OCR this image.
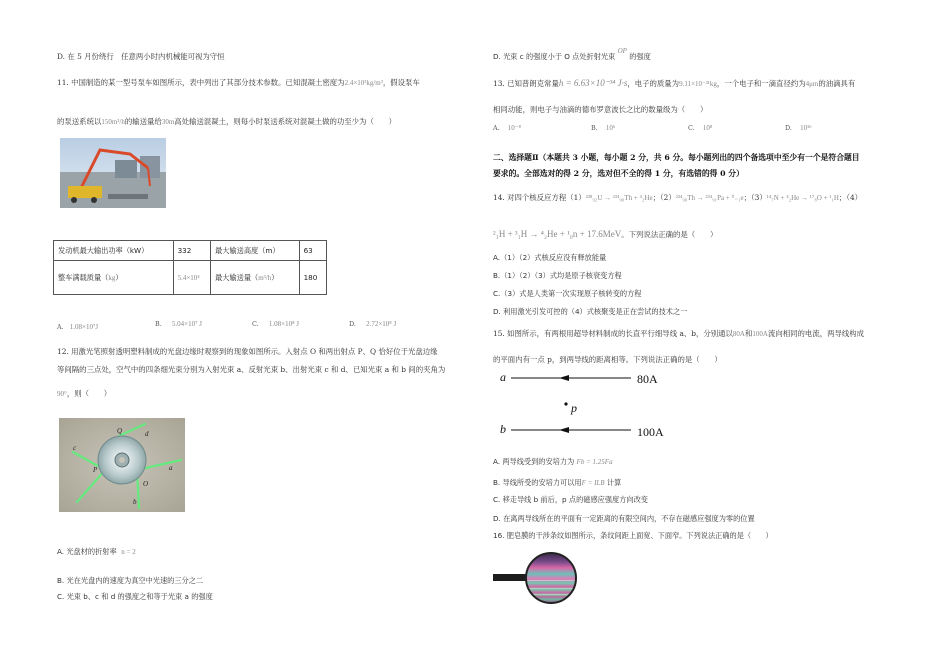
D. 在 5 月份绕行　任意两小时内机械能可视为守恒
11. 中国制造的某一型号泵车如图所示，表中列出了其部分技术参数。已知混凝土密度为2.4×10³kg/m³，假设泵车
的泵送系统以150m³/h的输送量给30m高处输送混凝土，则每小时泵送系统对混凝土做的功至少为（　　）
发动机最大输出功率（kW）	332	最大输送高度（m）	63
整车满载质量（kg）	5.4×10⁴	最大输送量（m³/h）	180
A. 1.08×10⁷J	B. 5.04×10⁷ J	C. 1.08×10⁸ J	D. 2.72×10⁸ J
12. 用激光笔照射透明塑料制成的光盘边缘时观察到的现象如图所示。入射点 O 和两出射点 P、Q 恰好位于光盘边缘
等间隔的三点处，空气中的四条细光束分别为入射光束 a、反射光束 b、出射光束 c 和 d、已知光束 a 和 b 间的夹角为
90°，则（　　）
Q	d
c
P	a
O
b
A. 光盘材的折射率 n = 2
B. 光在光盘内的速度为真空中光速的三分之二
C. 光束 b、c 和 d 的强度之和等于光束 a 的强度
D. 光束 c 的强度小于 O 点处折射光束 OP 的强度
13. 已知普朗克常量h = 6.63×10⁻³⁴ J·s，电子的质量为9.11×10⁻³¹kg，一个电子和一滴直径约为4μm的油滴具有
相同动能，则电子与油滴的德布罗意波长之比的数量级为（　　）
A. 10⁻⁸	B. 10⁶	C. 10⁸	D. 10¹⁶
二、选择题Ⅱ（本题共 3 小题，每小题 2 分，共 6 分。每小题列出的四个备选项中至少有一个是符合题目
要求的。全部选对的得 2 分，选对但不全的得 1 分，有选错的得 0 分）
14. 对四个核反应方程（1）²³⁸₉₂U → ²³⁴₉₀Th + ⁴₂He；（2）²³⁴₉₀Th → ²³⁴₉₁Pa + ⁰₋₁e；（3）¹⁴₇N + ⁴₂He → ¹⁷₈O + ¹₁H；（4）
²₁H + ³₁H → ⁴₂He + ¹₀n + 17.6MeV。下列说法正确的是（　　）
A.（1）（2）式核反应没有释放能量
B.（1）（2）（3）式均是原子核衰变方程
C.（3）式是人类第一次实现原子核转变的方程
D. 利用激光引发可控的（4）式核聚变是正在尝试的技术之一
15. 如图所示，有两根用超导材料制成的长直平行细导线 a、b，分别通以80A和100A流向相同的电流，两导线构成
的平面内有一点 p，到两导线的距离相等。下列说法正确的是（　　）
a
b
80A
100A
p
A. 两导线受到的安培力为 Fb = 1.25Fa
B. 导线所受的安培力可以用F = ILB 计算
C. 移走导线 b 前后，p 点的磁感应强度方向改变
D. 在离两导线所在的平面有一定距离的有限空间内，不存在磁感应强度为零的位置
16. 肥皂膜的干涉条纹如图所示，条纹间距上面宽、下面窄。下列说法正确的是（　　）
